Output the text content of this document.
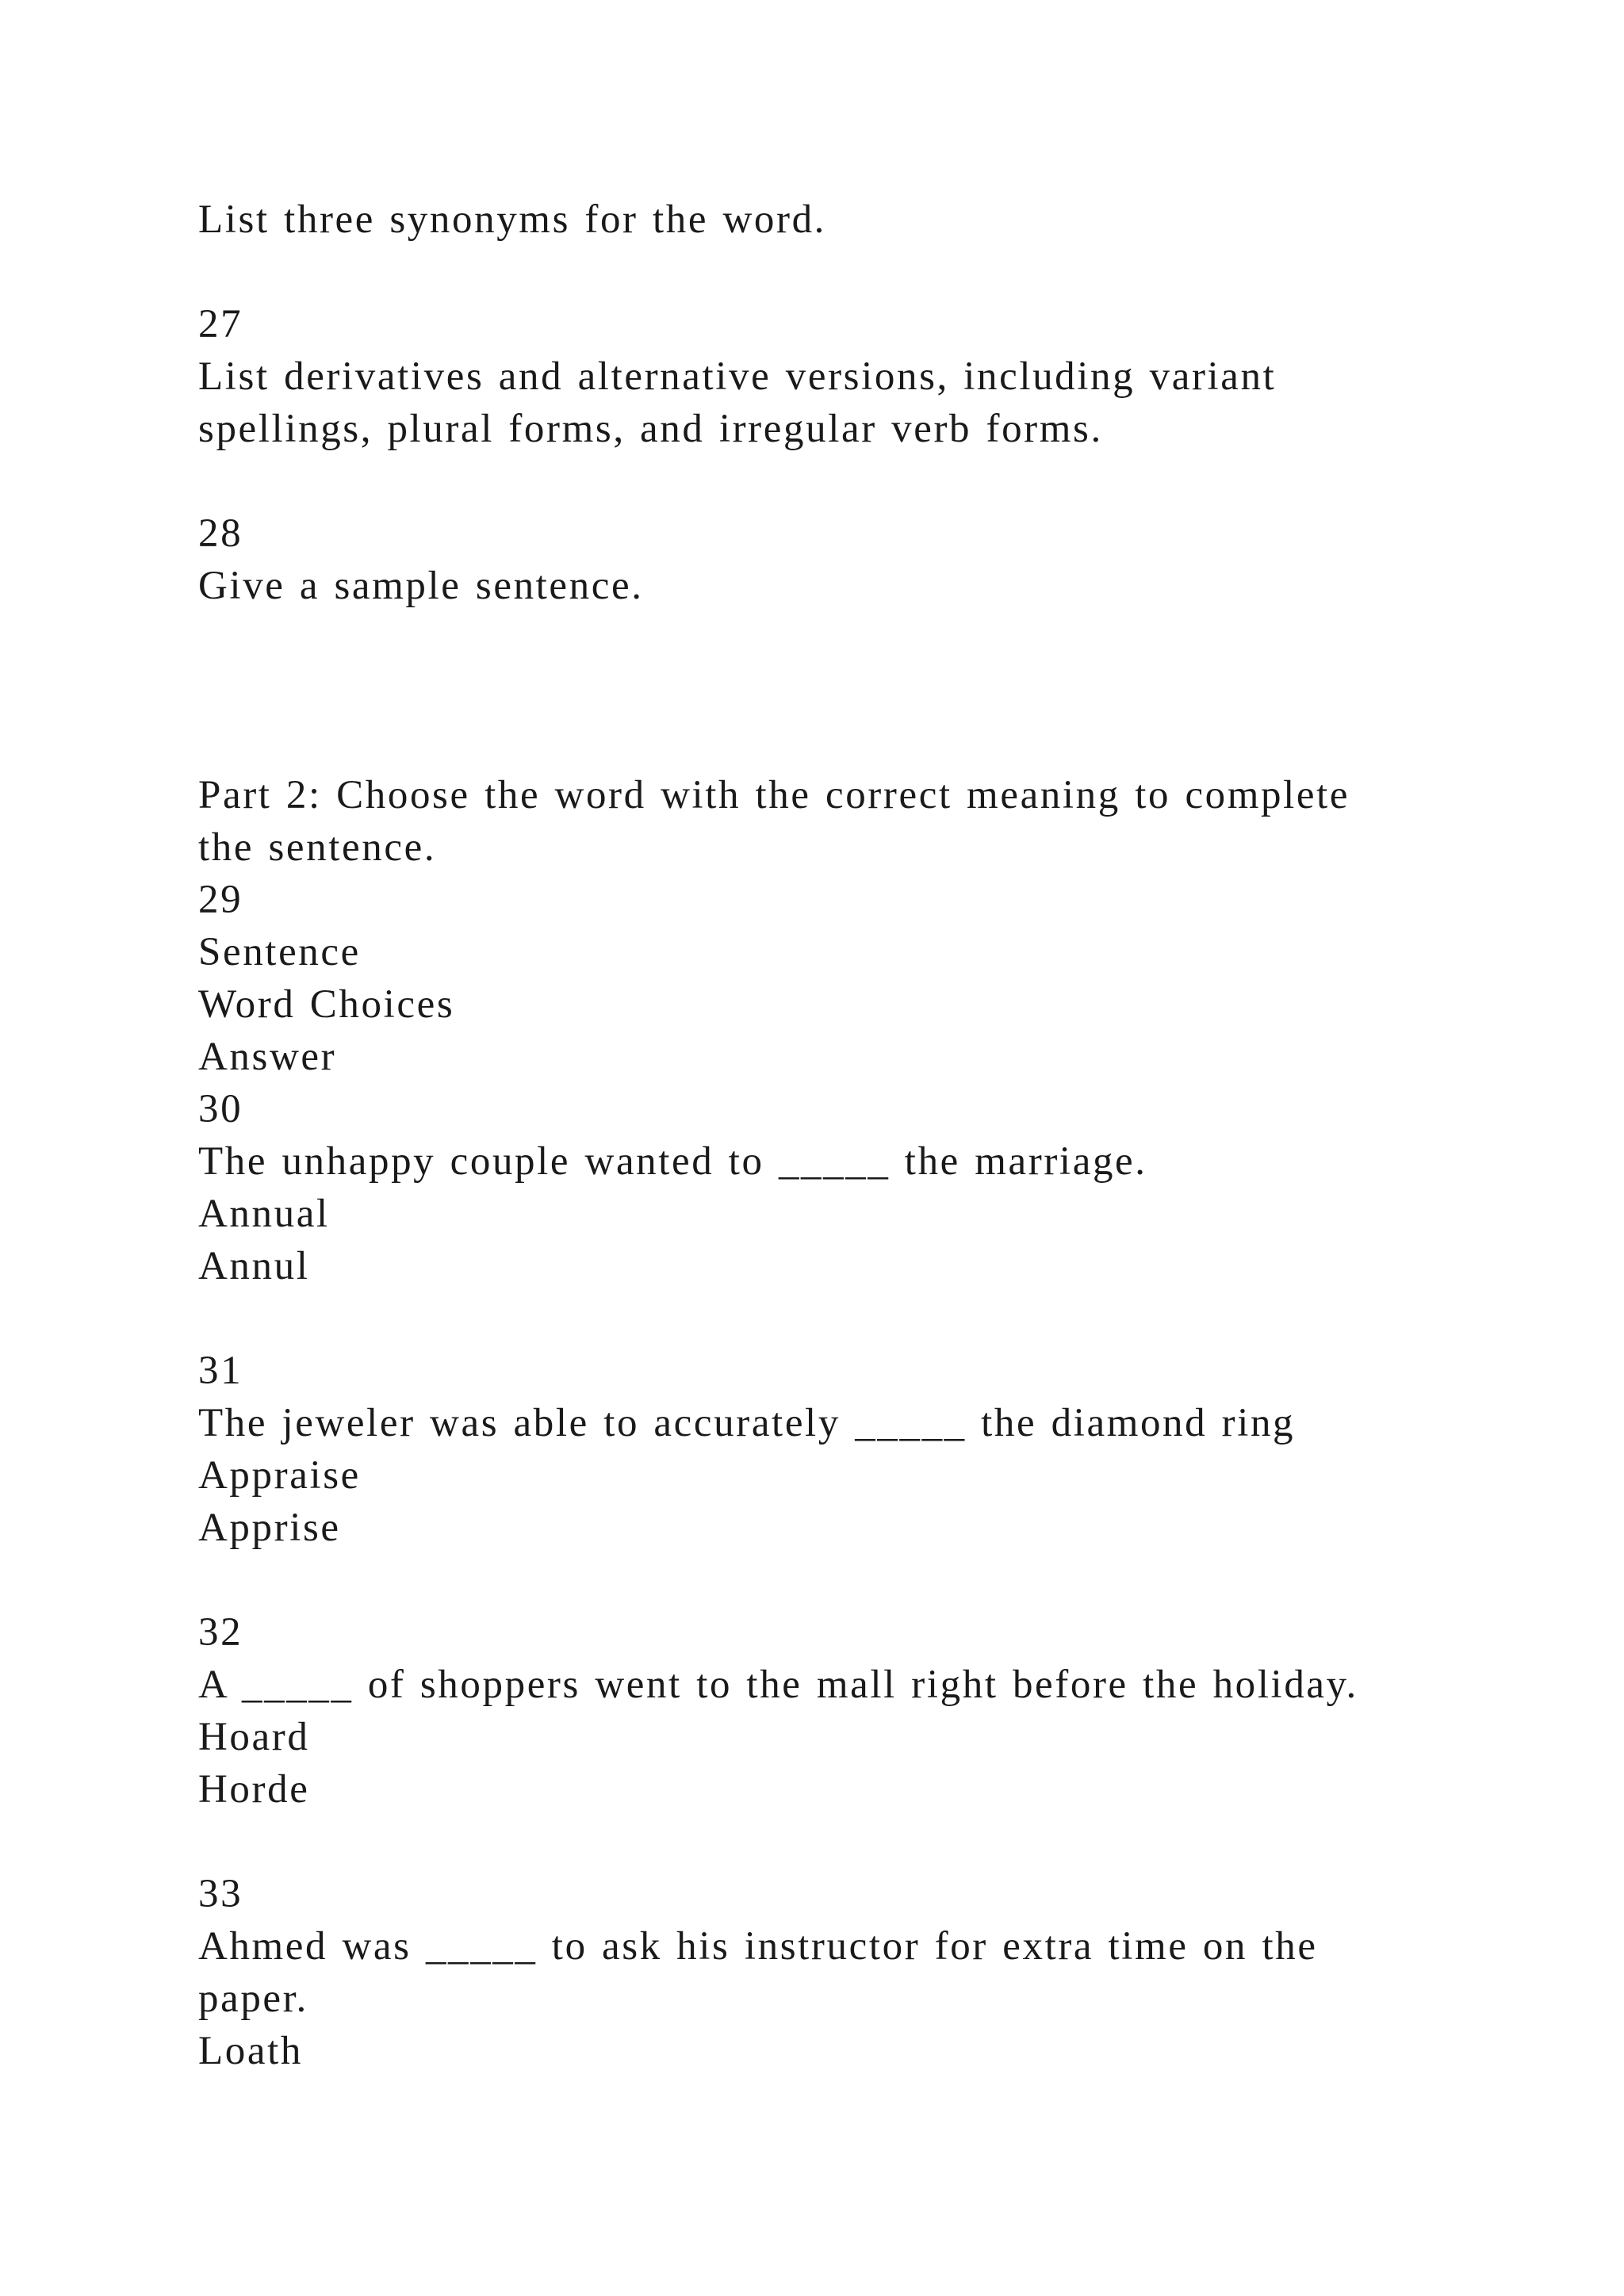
List three synonyms for the word.
27
List derivatives and alternative versions, including variant
spellings, plural forms, and irregular verb forms.
28
Give a sample sentence.
Part 2: Choose the word with the correct meaning to complete
the sentence.
29
Sentence
Word Choices
Answer
30
The unhappy couple wanted to _____ the marriage.
Annual
Annul
31
The jeweler was able to accurately _____ the diamond ring
Appraise
Apprise
32
A _____ of shoppers went to the mall right before the holiday.
Hoard
Horde
33
Ahmed was _____ to ask his instructor for extra time on the
paper.
Loath
